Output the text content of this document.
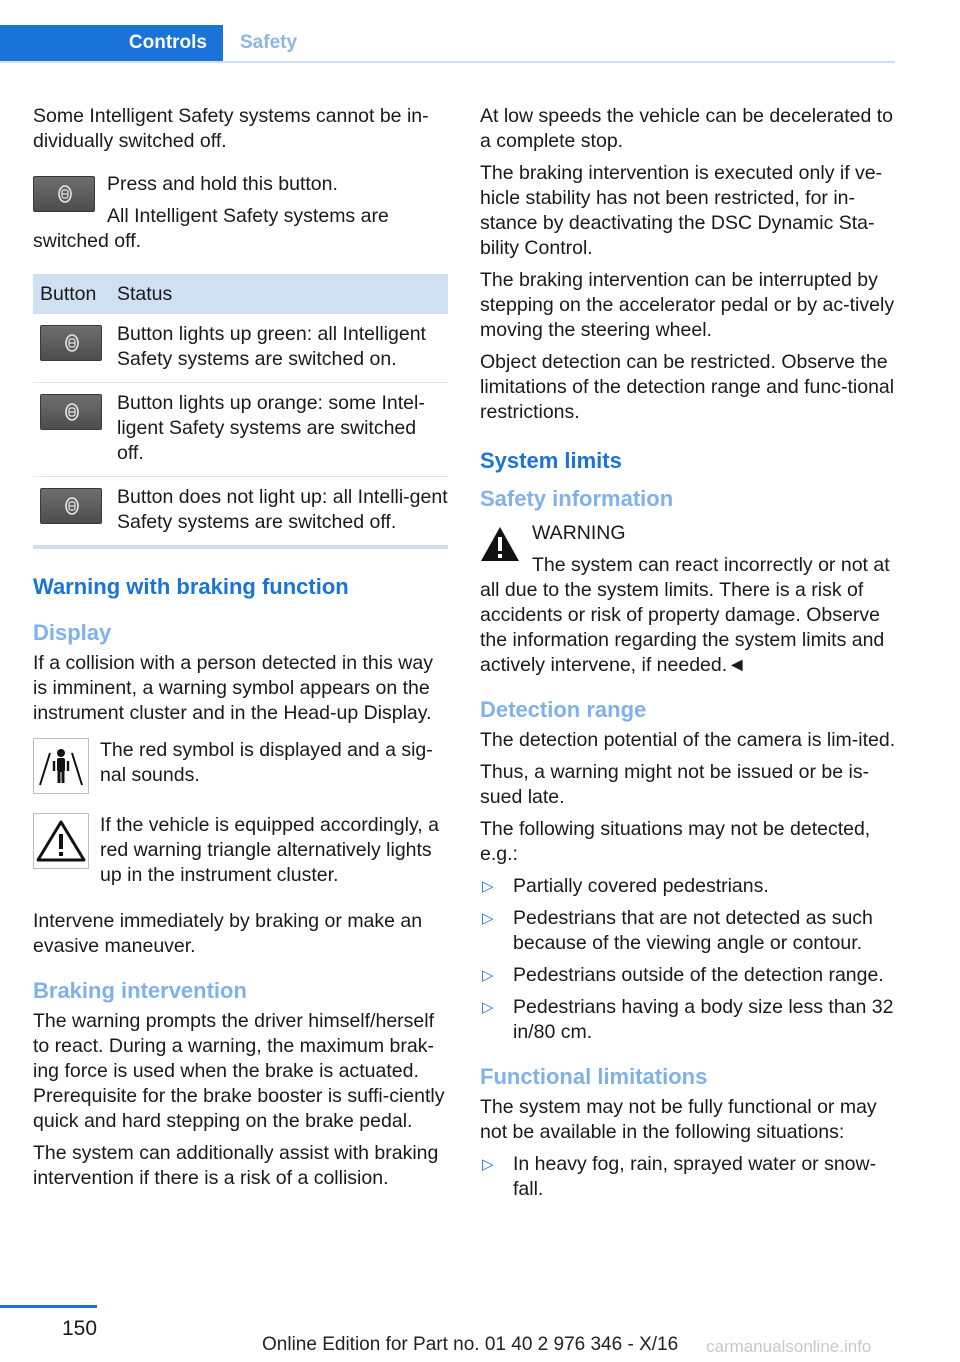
Controls	Safety

Some Intelligent Safety systems cannot be in‐dividually switched off.

Press and hold this button.

All Intelligent Safety systems are switched off.

Button	Status

	Button lights up green: all Intelligent Safety systems are switched on.

	Button lights up orange: some Intel‐ligent Safety systems are switched off.

	Button does not light up: all Intelli‐gent Safety systems are switched off.
Warning with braking function
Display

If a collision with a person detected in this way is imminent, a warning symbol appears on the instrument cluster and in the Head-up Display.

The red symbol is displayed and a sig‐nal sounds.

If the vehicle is equipped accordingly, a red warning triangle alternatively lights up in the instrument cluster.

Intervene immediately by braking or make an evasive maneuver.

Braking intervention

The warning prompts the driver himself/herself to react. During a warning, the maximum brak‐ing force is used when the brake is actuated. Prerequisite for the brake booster is suffi‐ciently quick and hard stepping on the brake pedal.

The system can additionally assist with braking intervention if there is a risk of a collision.

At low speeds the vehicle can be decelerated to a complete stop.

The braking intervention is executed only if ve‐hicle stability has not been restricted, for in‐stance by deactivating the DSC Dynamic Sta‐bility Control.

The braking intervention can be interrupted by stepping on the accelerator pedal or by ac‐tively moving the steering wheel.

Object detection can be restricted. Observe the limitations of the detection range and func‐tional restrictions.

System limits
Safety information

WARNING

The system can react incorrectly or not at all due to the system limits. There is a risk of accidents or risk of property damage. Observe the information regarding the system limits and actively intervene, if needed.◄

Detection range

The detection potential of the camera is lim‐ited.

Thus, a warning might not be issued or be is‐sued late.

The following situations may not be detected, e.g.:

▷ Partially covered pedestrians.
▷ Pedestrians that are not detected as such because of the viewing angle or contour.
▷ Pedestrians outside of the detection range.
▷ Pedestrians having a body size less than 32 in/80 cm.
Functional limitations

The system may not be fully functional or may not be available in the following situations:

▷ In heavy fog, rain, sprayed water or snow‐fall.
150
Online Edition for Part no. 01 40 2 976 346 - X/16 carmanualsonline.info
